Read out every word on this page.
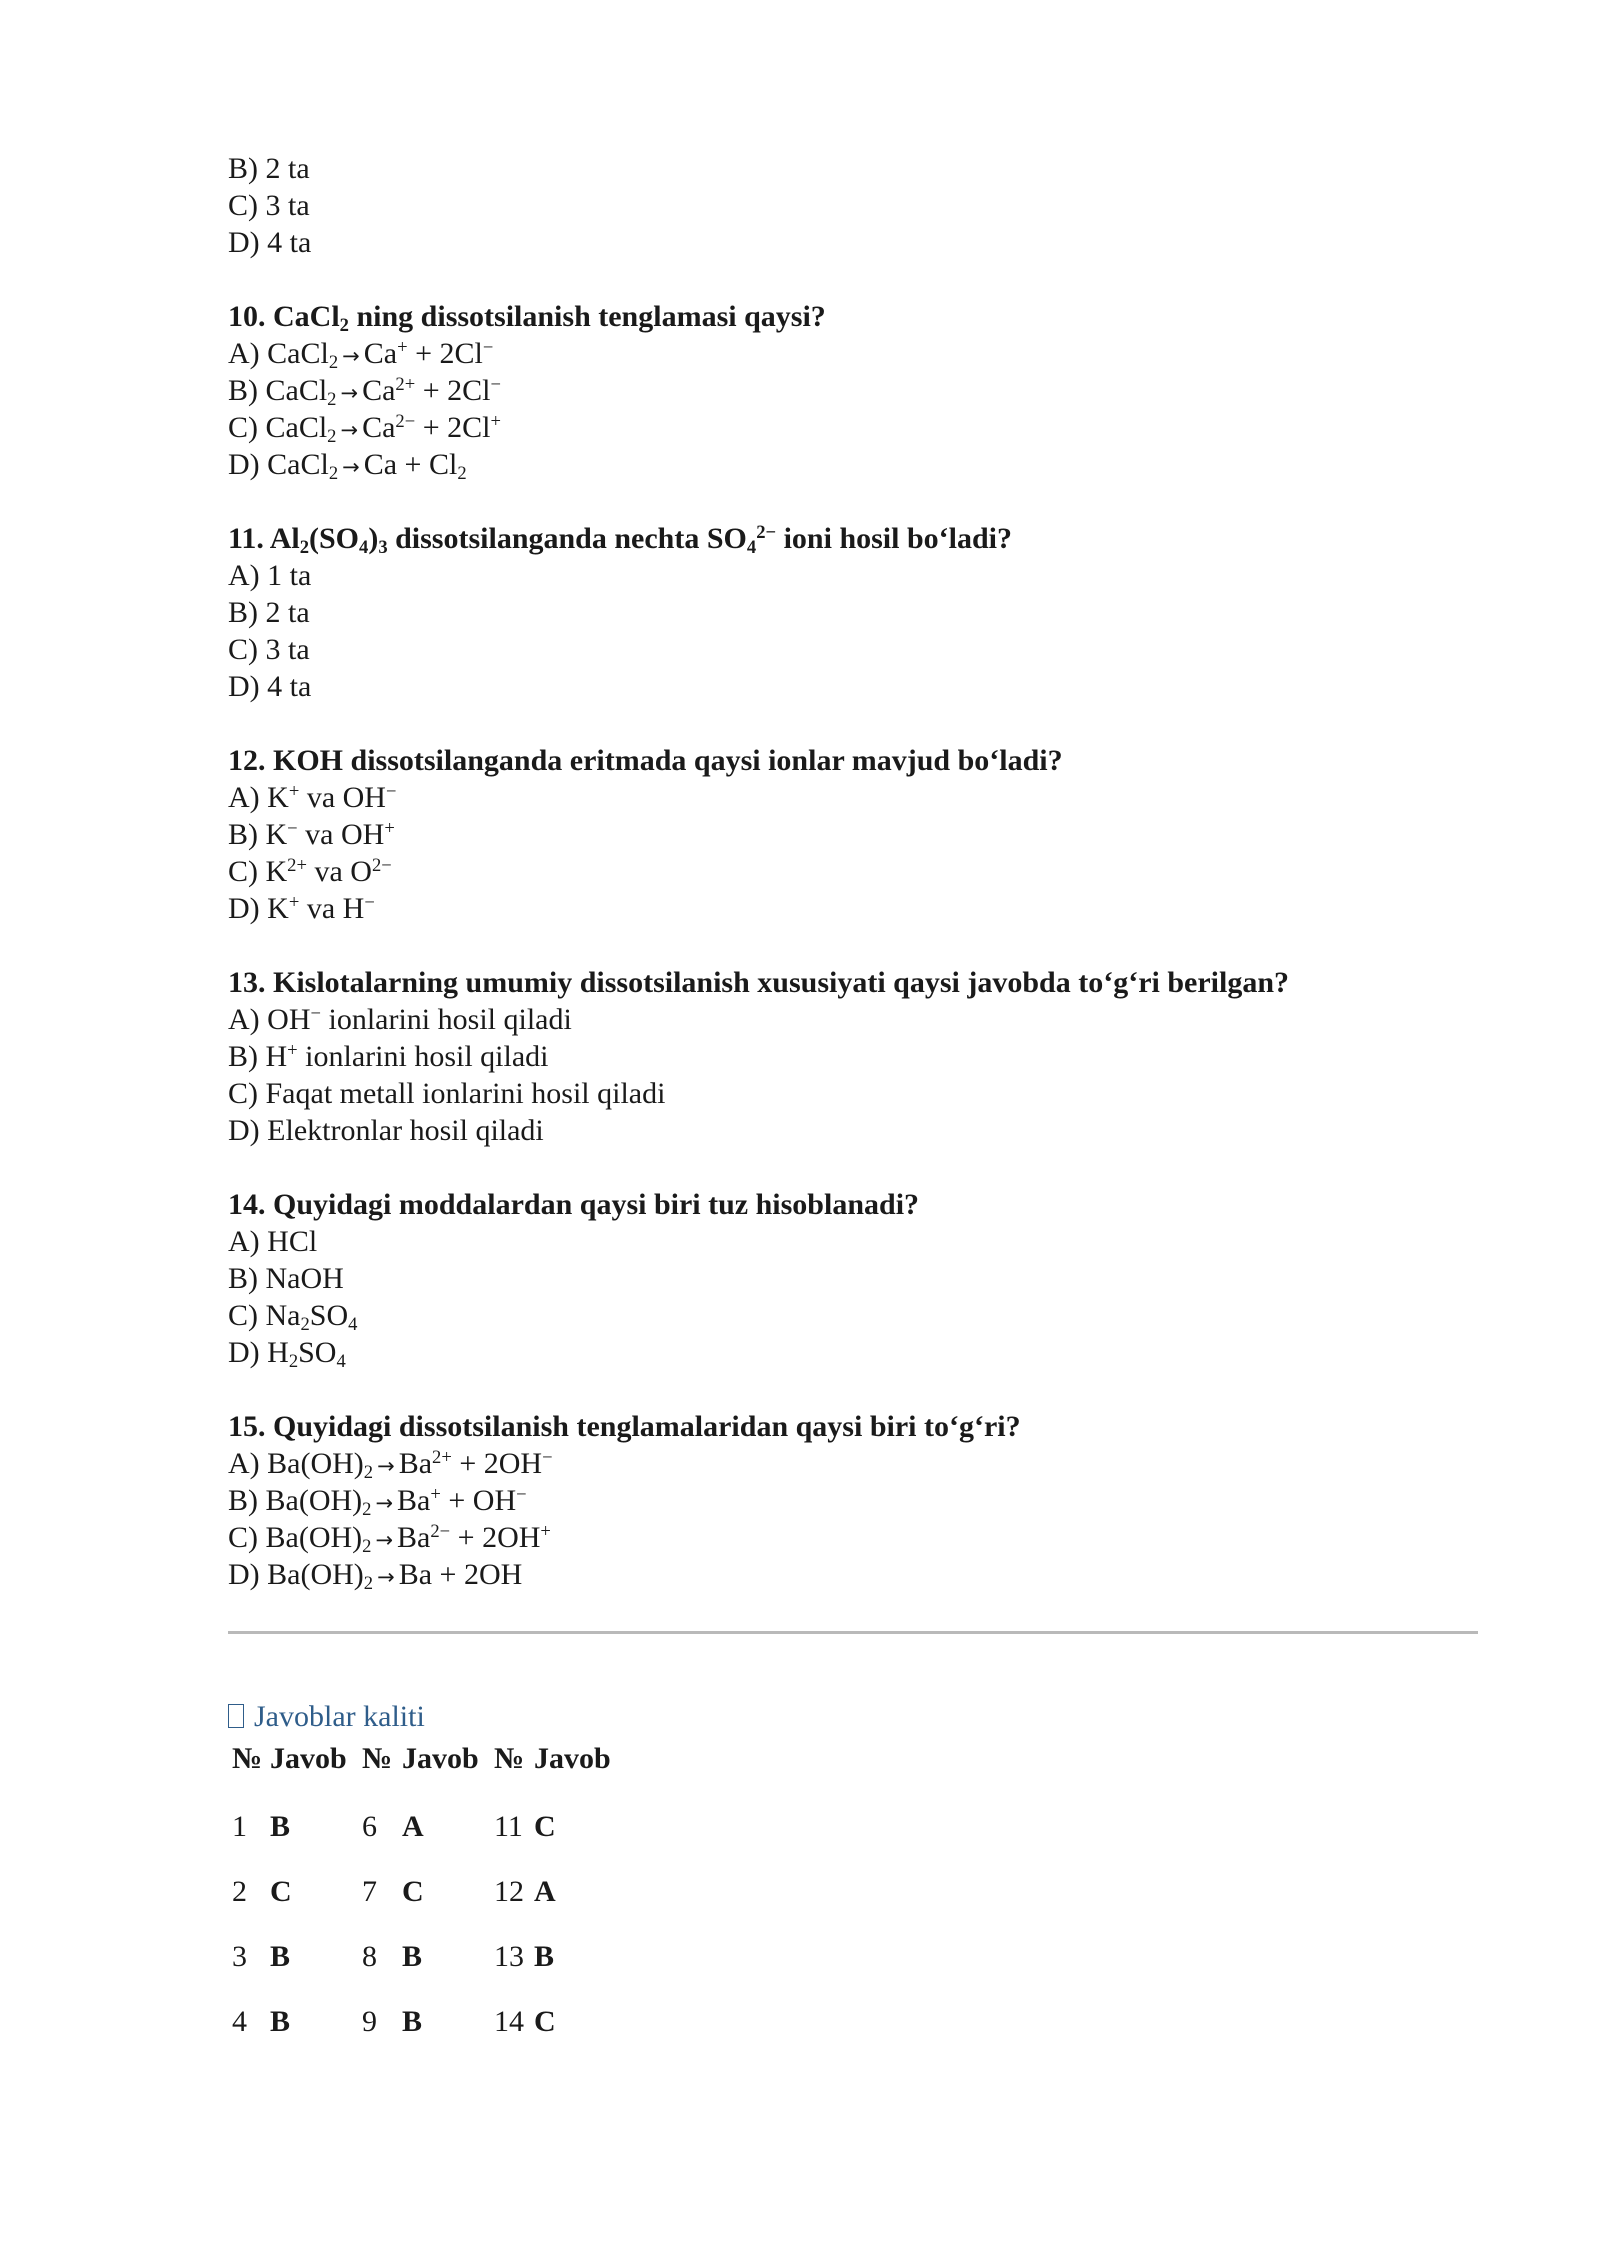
B) 2 ta
C) 3 ta
D) 4 ta
10. CaCl$_2$ ning dissotsilanish tenglamasi qaysi?
A) CaCl$_2$ → Ca+ + 2Cl−
B) CaCl$_2$ → $Ca^{2+} + 2Cl^-$
C) CaCl$_2$ → $Ca^{2-} + 2Cl^+$
D) CaCl$_2$ → $Ca + Cl_2$
11. $Al_2(SO_4)_3$ dissotsilanganda nechta $SO_4^{2-}$ ioni hosil bo‘ladi?
A) 1 ta
B) 2 ta
C) 3 ta
D) 4 ta
12. KOH dissotsilanganda eritmada qaysi ionlar mavjud bo‘ladi?
A) K+ va OH−
B) K− va OH+
C) $K^{2+}$ va $O^{2-}$
D) K+ va H−
13. Kislotalarning umumiy dissotsilanish xususiyati qaysi javobda to‘g‘ri berilgan?
A) OH− ionlarini hosil qiladi
B) H+ ionlarini hosil qiladi
C) Faqat metall ionlarini hosil qiladi
D) Elektronlar hosil qiladi
14. Quyidagi moddalardan qaysi biri tuz hisoblanadi?
A) HCl
B) NaOH
C) $Na_2SO_4$
D) $H_2SO_4$
15. Quyidagi dissotsilanish tenglamalaridan qaysi biri to‘g‘ri?
A) $Ba(OH)_2 \to Ba^{2+} + 2OH^-$
B) $Ba(OH)_2 \to Ba^+ + OH^-$
C) $Ba(OH)_2 \to Ba^{2-} + 2OH^+$
D) $Ba(OH)_2 \to Ba + 2OH$
Javoblar kaliti
№	Javob	№	Javob	№	Javob
1	B	6	A	11	C
2	C	7	C	12	A
3	B	8	B	13	B
4	B	9	B	14	C
